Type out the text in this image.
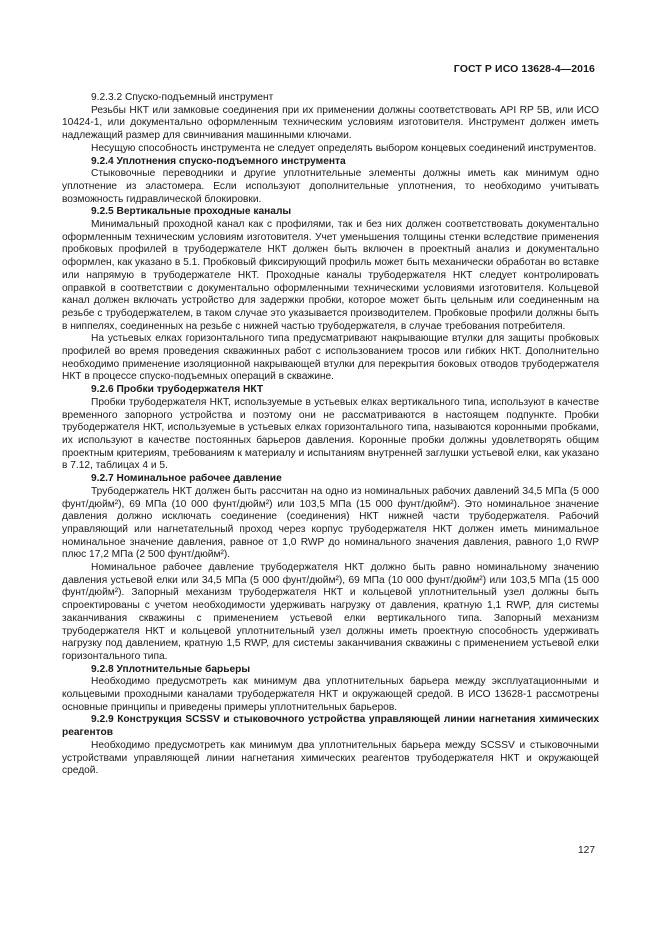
ГОСТ Р ИСО 13628-4—2016

9.2.3.2 Спуско-подъемный инструмент

Резьбы НКТ или замковые соединения при их применении должны соответствовать API RP 5B, или ИСО 10424-1, или документально оформленным техническим условиям изготовителя. Инструмент должен иметь надлежащий размер для свинчивания машинными ключами.

Несущую способность инструмента не следует определять выбором концевых соединений инструментов.

9.2.4 Уплотнения спуско-подъемного инструмента

Стыковочные переводники и другие уплотнительные элементы должны иметь как минимум одно уплотнение из эластомера. Если используют дополнительные уплотнения, то необходимо учитывать возможность гидравлической блокировки.

9.2.5 Вертикальные проходные каналы

Минимальный проходной канал как с профилями, так и без них должен соответствовать документально оформленным техническим условиям изготовителя. Учет уменьшения толщины стенки вследствие применения пробковых профилей в трубодержателе НКТ должен быть включен в проектный анализ и документально оформлен, как указано в 5.1. Пробковый фиксирующий профиль может быть механически обработан во вставке или напрямую в трубодержателе НКТ. Проходные каналы трубодержателя НКТ следует контролировать оправкой в соответствии с документально оформленными техническими условиями изготовителя. Кольцевой канал должен включать устройство для задержки пробки, которое может быть цельным или соединенным на резьбе с трубодержателем, в таком случае это указывается производителем. Пробковые профили должны быть в ниппелях, соединенных на резьбе с нижней частью трубодержателя, в случае требования потребителя.

На устьевых елках горизонтального типа предусматривают накрывающие втулки для защиты пробковых профилей во время проведения скважинных работ с использованием тросов или гибких НКТ. Дополнительно необходимо применение изоляционной накрывающей втулки для перекрытия боковых отводов трубодержателя НКТ в процессе спуско-подъемных операций в скважине.

9.2.6 Пробки трубодержателя НКТ

Пробки трубодержателя НКТ, используемые в устьевых елках вертикального типа, используют в качестве временного запорного устройства и поэтому они не рассматриваются в настоящем подпункте. Пробки трубодержателя НКТ, используемые в устьевых елках горизонтального типа, называются коронными пробками, их используют в качестве постоянных барьеров давления. Коронные пробки должны удовлетворять общим проектным критериям, требованиям к материалу и испытаниям внутренней заглушки устьевой елки, как указано в 7.12, таблицах 4 и 5.

9.2.7 Номинальное рабочее давление

Трубодержатель НКТ должен быть рассчитан на одно из номинальных рабочих давлений 34,5 МПа (5 000 фунт/дюйм²), 69 МПа (10 000 фунт/дюйм²) или 103,5 МПа (15 000 фунт/дюйм²). Это номинальное значение давления должно исключать соединение (соединения) НКТ нижней части трубодержателя. Рабочий управляющий или нагнетательный проход через корпус трубодержателя НКТ должен иметь минимальное номинальное значение давления, равное от 1,0 RWP до номинального значения давления, равного 1,0 RWP плюс 17,2 МПа (2 500 фунт/дюйм²).

Номинальное рабочее давление трубодержателя НКТ должно быть равно номинальному значению давления устьевой елки или 34,5 МПа (5 000 фунт/дюйм²), 69 МПа (10 000 фунт/дюйм²) или 103,5 МПа (15 000 фунт/дюйм²). Запорный механизм трубодержателя НКТ и кольцевой уплотнительный узел должны быть спроектированы с учетом необходимости удерживать нагрузку от давления, кратную 1,1 RWP, для системы заканчивания скважины с применением устьевой елки вертикального типа. Запорный механизм трубодержателя НКТ и кольцевой уплотнительный узел должны иметь проектную способность удерживать нагрузку под давлением, кратную 1,5 RWP, для системы заканчивания скважины с применением устьевой елки горизонтального типа.

9.2.8 Уплотнительные барьеры

Необходимо предусмотреть как минимум два уплотнительных барьера между эксплуатационными и кольцевыми проходными каналами трубодержателя НКТ и окружающей средой. В ИСО 13628-1 рассмотрены основные принципы и приведены примеры уплотнительных барьеров.

9.2.9 Конструкция SCSSV и стыковочного устройства управляющей линии нагнетания химических реагентов

Необходимо предусмотреть как минимум два уплотнительных барьера между SCSSV и стыковочными устройствами управляющей линии нагнетания химических реагентов трубодержателя НКТ и окружающей средой.

127
